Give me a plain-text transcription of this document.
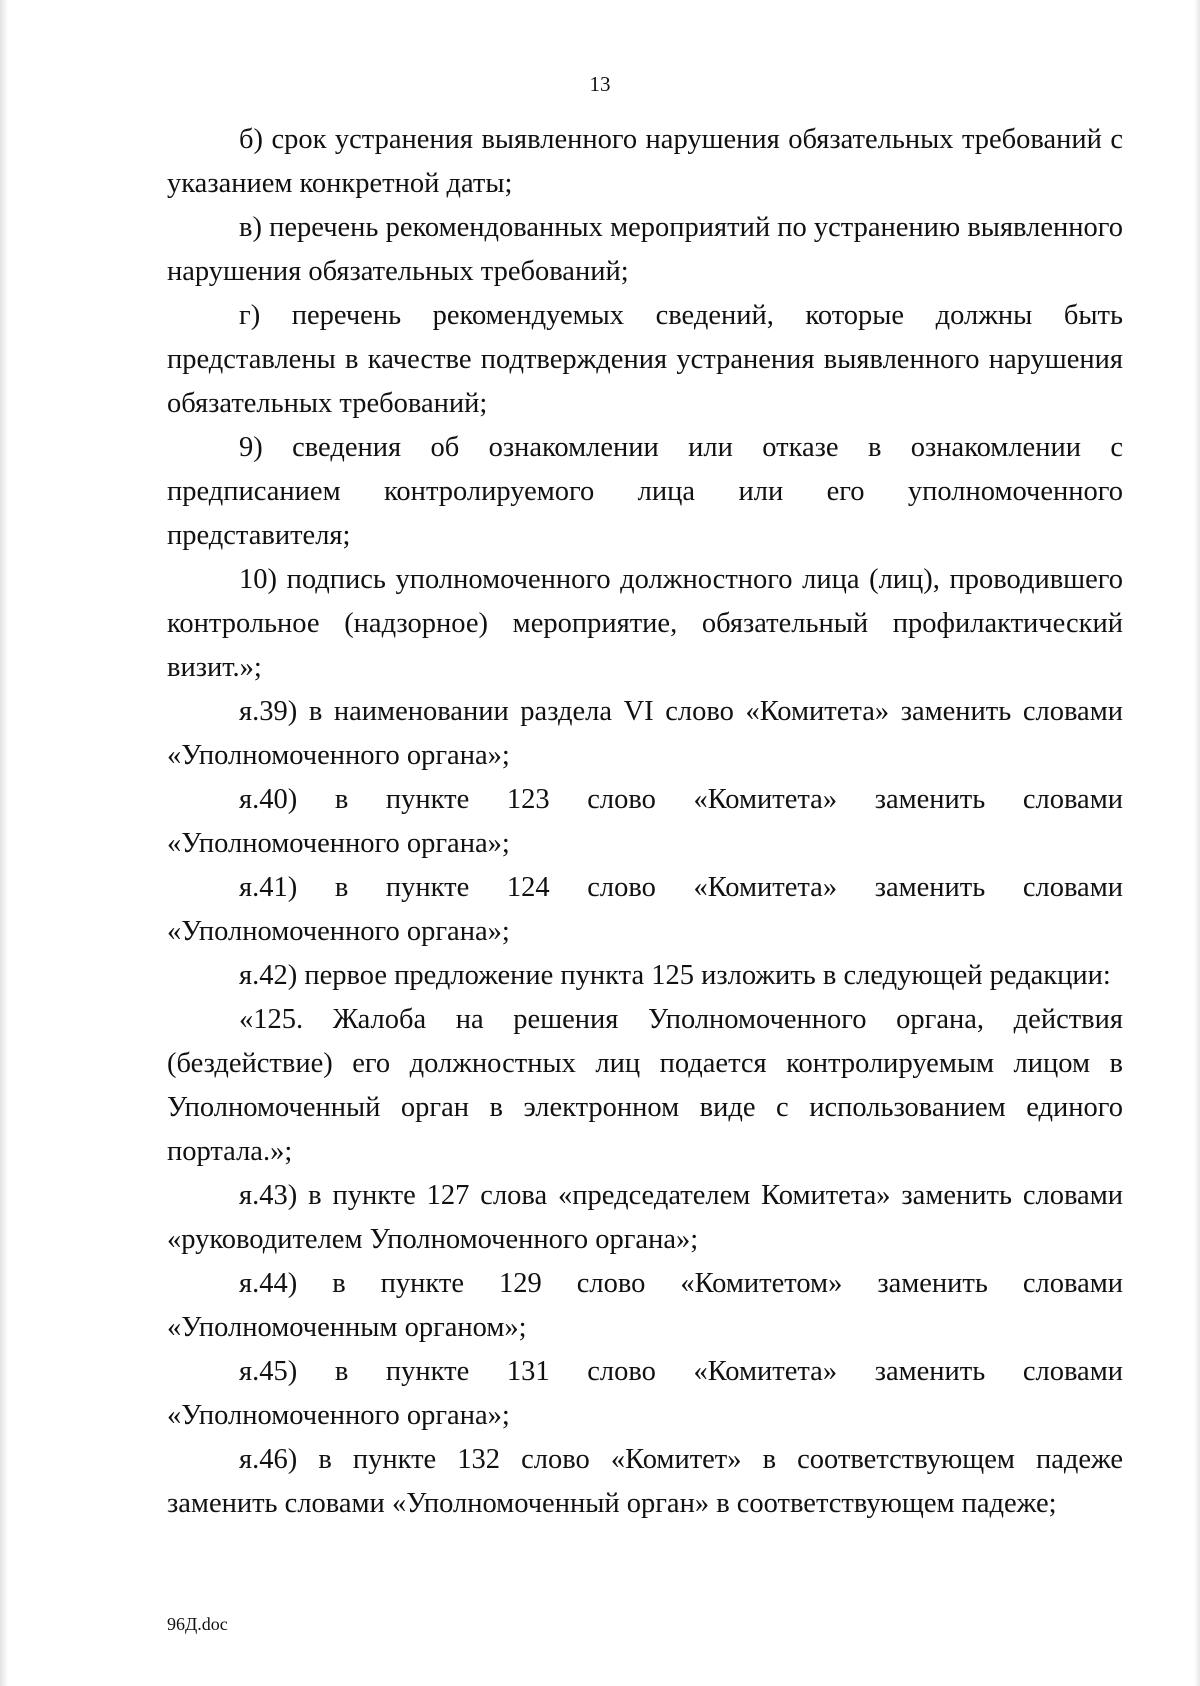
13

б) срок устранения выявленного нарушения обязательных требований с указанием конкретной даты;

в) перечень рекомендованных мероприятий по устранению выявленного нарушения обязательных требований;

г) перечень рекомендуемых сведений, которые должны быть представлены в качестве подтверждения устранения выявленного нарушения обязательных требований;

9) сведения об ознакомлении или отказе в ознакомлении с предписанием контролируемого лица или его уполномоченного представителя;

10) подпись уполномоченного должностного лица (лиц), проводившего контрольное (надзорное) мероприятие, обязательный профилактический визит.»;

я.39) в наименовании раздела VI слово «Комитета» заменить словами «Уполномоченного органа»;

я.40) в пункте 123 слово «Комитета» заменить словами «Уполномоченного органа»;

я.41) в пункте 124 слово «Комитета» заменить словами «Уполномоченного органа»;

я.42) первое предложение пункта 125 изложить в следующей редакции:

«125. Жалоба на решения Уполномоченного органа, действия (бездействие) его должностных лиц подается контролируемым лицом в Уполномоченный орган в электронном виде с использованием единого портала.»;

я.43) в пункте 127 слова «председателем Комитета» заменить словами «руководителем Уполномоченного органа»;

я.44) в пункте 129 слово «Комитетом» заменить словами «Уполномоченным органом»;

я.45) в пункте 131 слово «Комитета» заменить словами «Уполномоченного органа»;

я.46) в пункте 132 слово «Комитет» в соответствующем падеже заменить словами «Уполномоченный орган» в соответствующем падеже;

96Д.doc
